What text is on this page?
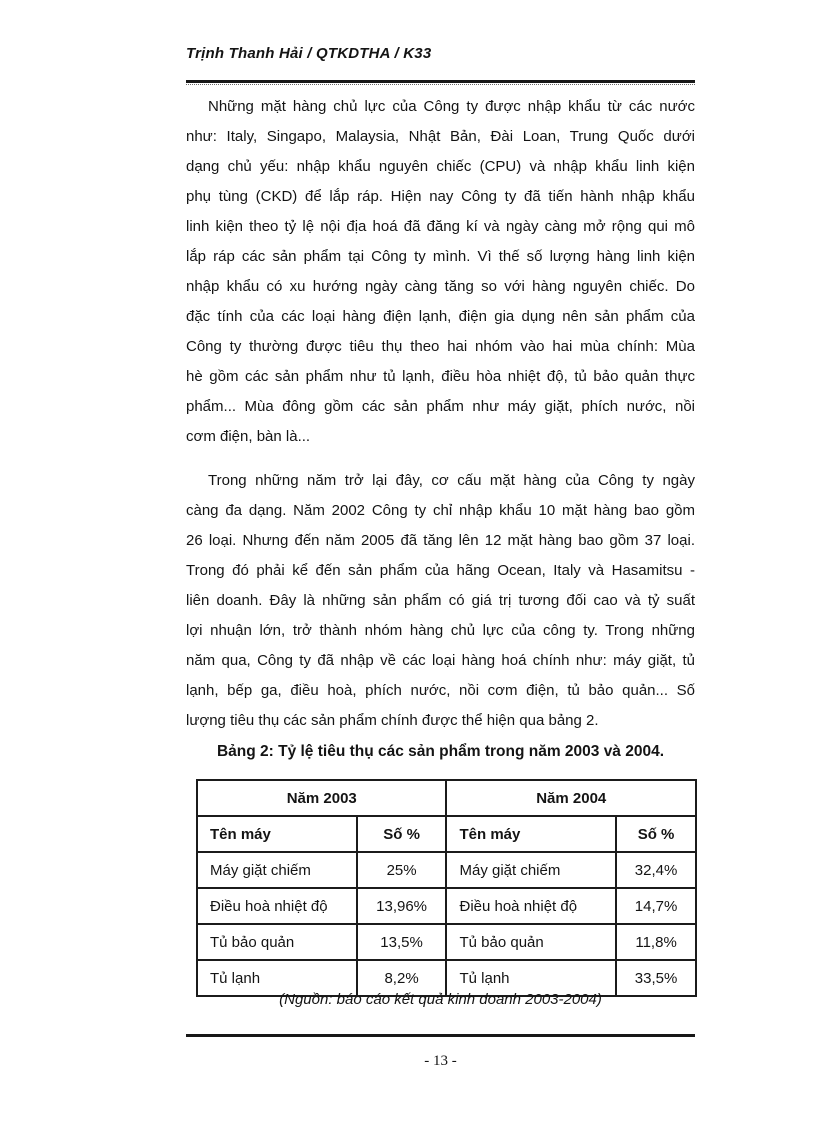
Trịnh Thanh Hải / QTKDTHA / K33
Những mặt hàng chủ lực của Công ty được nhập khẩu từ các nước
như: Italy, Singapo, Malaysia, Nhật Bản, Đài Loan, Trung Quốc dưới
dạng chủ yếu: nhập khẩu nguyên chiếc (CPU) và nhập khẩu linh kiện
phụ tùng (CKD) để lắp ráp. Hiện nay Công ty đã tiến hành nhập khẩu
linh kiện theo tỷ lệ nội địa hoá đã đăng kí và ngày càng mở rộng qui mô
lắp ráp các sản phẩm tại Công ty mình. Vì thế số lượng hàng linh kiện
nhập khẩu có xu hướng ngày càng tăng so với hàng nguyên chiếc. Do
đặc tính của các loại hàng điện lạnh, điện gia dụng nên sản phẩm của
Công ty thường được tiêu thụ theo hai nhóm vào hai mùa chính: Mùa
hè gồm các sản phẩm như tủ lạnh, điều hòa nhiệt độ, tủ bảo quản thực
phẩm... Mùa đông gồm các sản phẩm như máy giặt, phích nước, nồi
cơm điện, bàn là...
Trong những năm trở lại đây, cơ cấu mặt hàng của Công ty ngày
càng đa dạng. Năm 2002 Công ty chỉ nhập khẩu 10 mặt hàng bao gồm
26 loại. Nhưng đến năm 2005 đã tăng lên 12 mặt hàng bao gồm 37 loại.
Trong đó phải kể đến sản phẩm của hãng Ocean, Italy và Hasamitsu -
liên doanh. Đây là những sản phẩm có giá trị tương đối cao và tỷ suất
lợi nhuận lớn, trở thành nhóm hàng chủ lực của công ty. Trong những
năm qua, Công ty đã nhập về các loại hàng hoá chính như: máy giặt, tủ
lạnh, bếp ga, điều hoà, phích nước, nồi cơm điện, tủ bảo quản... Số
lượng tiêu thụ các sản phẩm chính được thể hiện qua bảng 2.
Bảng 2: Tỷ lệ tiêu thụ các sản phẩm trong năm 2003 và 2004.
Năm 2003		Năm 2004	
Tên máy	Số %	Tên máy	Số %
Máy giặt chiếm	25%	Máy giặt chiếm	32,4%
Điều hoà nhiệt độ	13,96%	Điều hoà nhiệt độ	14,7%
Tủ bảo quản	13,5%	Tủ bảo quản	11,8%
Tủ lạnh	8,2%	Tủ lạnh	33,5%
(Nguồn: báo cáo kết quả kinh doanh 2003-2004)
- 13 -
